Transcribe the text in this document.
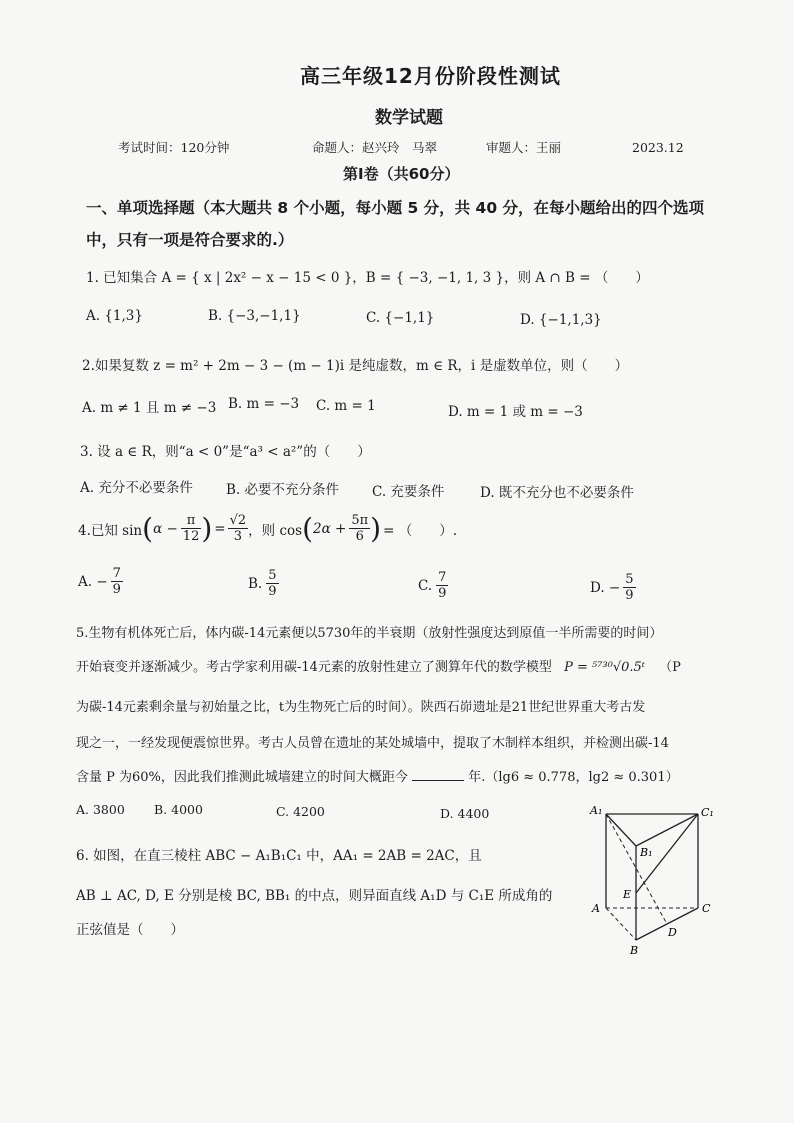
高三年级12月份阶段性测试
数学试题
考试时间：120分钟	命题人：赵兴玲　马翠	审题人：王丽	2023.12
第Ⅰ卷（共60分）
一、单项选择题（本大题共 8 个小题，每小题 5 分，共 40 分，在每小题给出的四个选项
中，只有一项是符合要求的.）
1. 已知集合 A = { x | 2x² − x − 15 < 0 }，B = { −3, −1, 1, 3 }，则 A ∩ B = （　　）
A. {1,3}	B. {−3,−1,1}	C. {−1,1}	D. {−1,1,3}
2.如果复数 z = m² + 2m − 3 − (m − 1)i 是纯虚数，m ∈ R，i 是虚数单位，则（　　）
A. m ≠ 1 且 m ≠ −3 B. m = −3 C. m = 1	D. m = 1 或 m = −3
3. 设 a ∈ R，则“a < 0”是“a³ < a²”的（　　）
A. 充分不必要条件 B. 必要不充分条件 C. 充要条件	D. 既不充分也不必要条件
4.已知 sin ( $\alpha - \frac{\pi}{12}$ ) = $\frac{√2}{3}$ ，则 cos ( $2\alpha + \frac{5\pi}{6}$ ) = （　　）.
A. − $\frac{7}{9}$	B. $\frac{5}{9}$	C. $\frac{7}{9}$	D. − $\frac{5}{9}$
5.生物有机体死亡后，体内碳-14元素便以5730年的半衰期（放射性强度达到原值一半所需要的时间）
开始衰变并逐渐减少。考古学家利用碳-14元素的放射性建立了测算年代的数学模型 P = ⁵⁷³⁰√0.5ᵗ （P
为碳-14元素剩余量与初始量之比，t为生物死亡后的时间）。陕西石峁遗址是21世纪世界重大考古发
现之一，一经发现便震惊世界。考古人员曾在遗址的某处城墙中，提取了木制样本组织，并检测出碳-14
含量 P 为60%，因此我们推测此城墙建立的时间大概距今	年.（lg6 ≈ 0.778，lg2 ≈ 0.301）
A. 3800 B. 4000	C. 4200	D. 4400
6. 如图，在直三棱柱 ABC − A₁B₁C₁ 中，AA₁ = 2AB = 2AC，且
AB ⊥ AC, D, E 分别是棱 BC, BB₁ 的中点，则异面直线 A₁D 与 C₁E 所成角的
正弦值是（　　）
A₁	C₁
B₁
E
A	C
D
B
